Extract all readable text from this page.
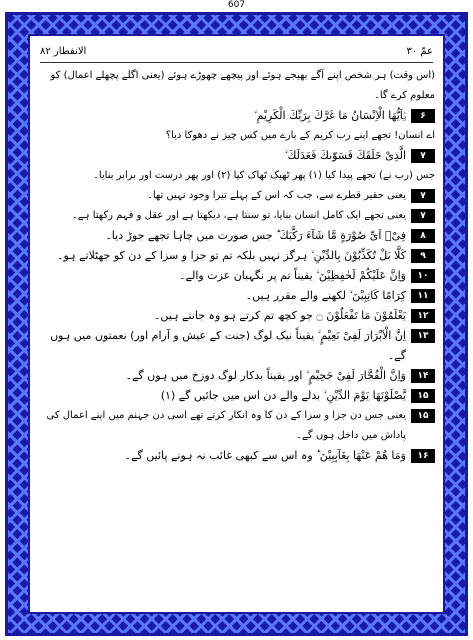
607
عمّ ۳۰
الانفطار ۸۲
(اس وقت) ہر شخص اپنے آگے بھیجے ہوئے اور پیچھے چھوڑے ہوئے (یعنی اگلے پچھلے اعمال) کو معلوم کرے گا۔
۶
یٰۤاَیُّهَا الْاِنْسَانُ مَا غَرَّكَ بِرَبِّكَ الْكَرِیْمِ ۙ
اے انسان! تجھے اپنے رب کریم کے بارے میں کس چیز نے دھوکا دیا؟
۷
الَّذِیْ خَلَقَكَ فَسَوّٰىكَ فَعَدَلَكَ ۙ
جس (رب نے) تجھے پیدا کیا (۱) پھر ٹھیک ٹھاک کیا (۲) اور پھر درست اور برابر بنایا۔
۷
یعنی حقیر قطرے سے، جب کہ اس کے پہلے تیرا وجود نہیں تھا۔
۷
یعنی تجھے ایک کامل انسان بنایا، تو سنتا ہے، دیکھتا ہے اور عقل و فہم رکھتا ہے۔
۸
فِیْۤ اَیِّ صُوْرَةٍ مَّا شَآءَ رَكَّبَكَ ؕ جس صورت میں چاہا تجھے جوڑ دیا۔
۹
كَلَّا بَلْ تُكَذِّبُوْنَ بِالدِّیْنِ ۙ ہرگز نہیں بلکہ تم تو جزا و سزا کے دن کو جھٹلاتے ہو۔
۱۰
وَاِنَّ عَلَیْكُمْ لَحٰفِظِیْنَ ۙ یقیناً تم پر نگہبان عزت والے۔
۱۱
كِرَامًا كَاتِبِیْنَ ۙ لکھنے والے مقرر ہیں۔
۱۲
یَعْلَمُوْنَ مَا تَفْعَلُوْنَ ۝ جو کچھ تم کرتے ہو وہ جانتے ہیں۔
۱۳
اِنَّ الْاَبْرَارَ لَفِیْ نَعِیْمٍ ۙ یقیناً نیک لوگ (جنت کے عیش و آرام اور) نعمتوں میں ہوں گے۔
۱۴
وَاِنَّ الْفُجَّارَ لَفِیْ جَحِیْمٍ ۙ اور یقیناً بدکار لوگ دوزخ میں ہوں گے۔
۱۵
یَّصْلَوْنَهَا یَوْمَ الدِّیْنِ ۙ بدلے والے دن اس میں جائیں گے (۱)
۱۵
یعنی جس دن جزا و سزا کے دن کا وہ انکار کرتے تھے اسی دن جہنم میں اپنے اعمال کی پاداش میں داخل ہوں گے۔
۱۶
وَمَا هُمْ عَنْهَا بِغَآىٕبِیْنَ ؕ وہ اس سے کبھی غائب نہ ہونے پائیں گے۔
